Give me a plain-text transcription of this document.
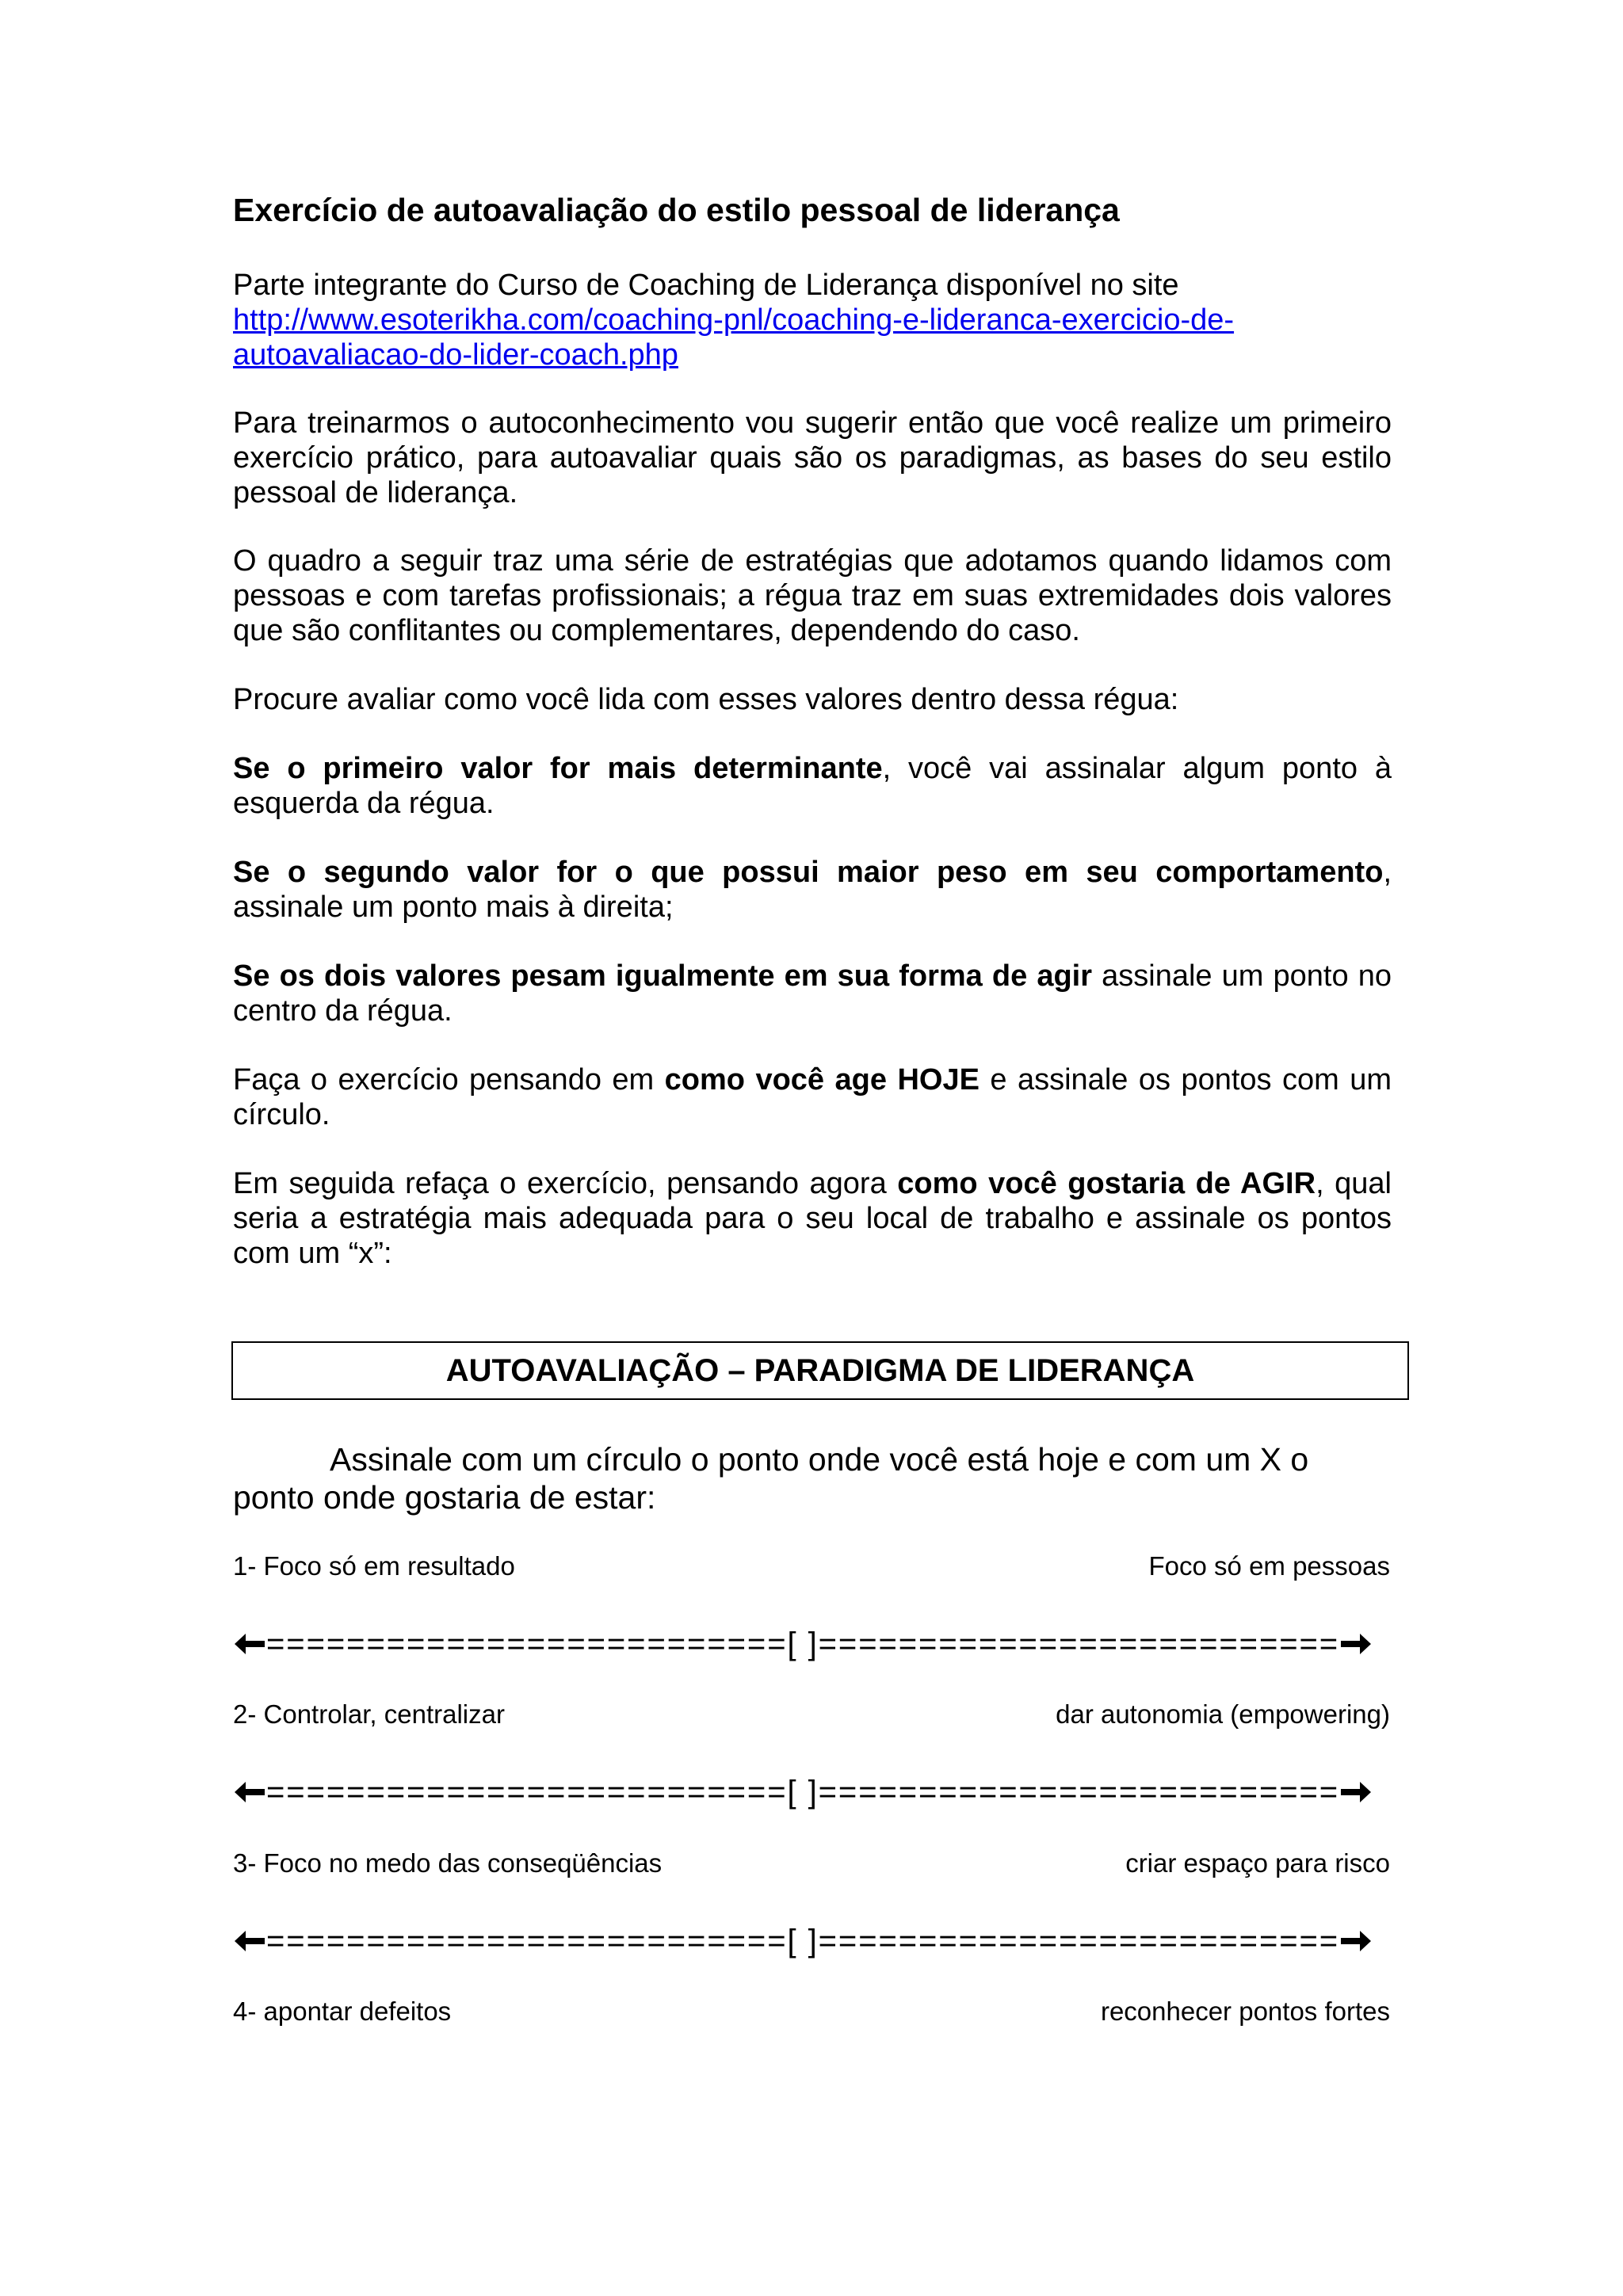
Exercício de autoavaliação do estilo pessoal de liderança
Parte integrante do Curso de Coaching de Liderança disponível no site
http://www.esoterikha.com/coaching-pnl/coaching-e-lideranca-exercicio-de-
autoavaliacao-do-lider-coach.php
Para treinarmos o autoconhecimento vou sugerir então que você realize um primeiro exercício prático, para autoavaliar quais são os paradigmas, as bases do seu estilo pessoal de liderança.
O quadro a seguir traz uma série de estratégias que adotamos quando lidamos com pessoas e com tarefas profissionais; a régua traz em suas extremidades dois valores que são conflitantes ou complementares, dependendo do caso.
Procure avaliar como você lida com esses valores dentro dessa régua:
Se o primeiro valor for mais determinante, você vai assinalar algum ponto à esquerda da régua.
Se o segundo valor for o que possui maior peso em seu comportamento, assinale um ponto mais à direita;
Se os dois valores pesam igualmente em sua forma de agir assinale um ponto no centro da régua.
Faça o exercício pensando em como você age HOJE e assinale os pontos com um círculo.
Em seguida refaça o exercício, pensando agora como você gostaria de AGIR, qual seria a estratégia mais adequada para o seu local de trabalho e assinale os pontos com um “x”:
AUTOAVALIAÇÃO – PARADIGMA DE LIDERANÇA
Assinale com um círculo o ponto onde você está hoje e com um X o
ponto onde gostaria de estar:
1- Foco só em resultado	Foco só em pessoas
==========================[ ]==========================
2- Controlar, centralizar	dar autonomia (empowering)
==========================[ ]==========================
3- Foco no medo das conseqüências	criar espaço para risco
==========================[ ]==========================
4- apontar defeitos	reconhecer pontos fortes
